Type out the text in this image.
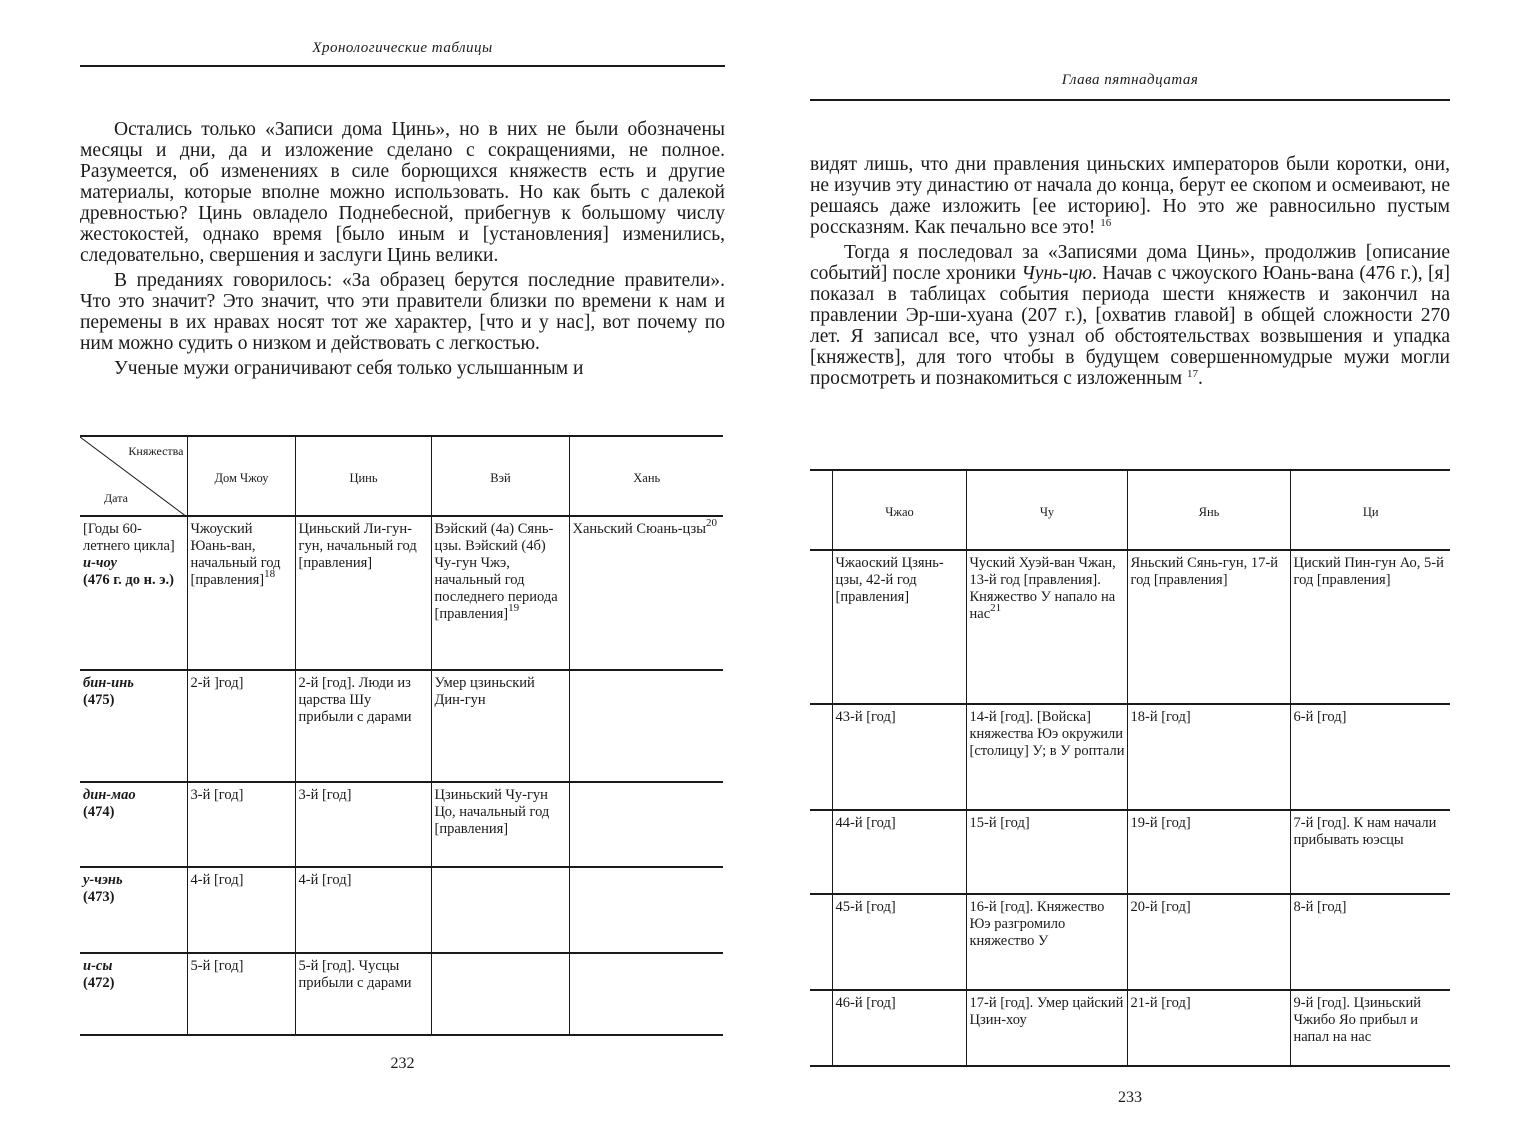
Хронологические таблицы

Остались только «Записи дома Цинь», но в них не были обозначены месяцы и дни, да и изложение сделано с сокращениями, не полное. Разумеется, об изменениях в силе борющихся княжеств есть и другие материалы, которые вполне можно использовать. Но как быть с далекой древностью? Цинь овладело Поднебесной, прибегнув к большому числу жестокостей, однако время [было иным и [установления] изменились, следовательно, свершения и заслуги Цинь велики.

В преданиях говорилось: «За образец берутся последние правители». Что это значит? Это значит, что эти правители близки по времени к нам и перемены в их нравах носят тот же характер, [что и у нас], вот почему по ним можно судить о низком и действовать с легкостью.

Ученые мужи ограничивают себя только услышанным и

Княжества
Дата	Дом Чжоу	Цинь	Вэй	Хань
[Годы 60- летнего цикла]
и-чоу
(476 г. до н. э.)	Чжоуский Юань-ван, начальный год [правления]$^{18}$	Циньский Ли-гун-гун, начальный год [правления]	Вэйский (4а) Сянь-цзы. Вэйский (4б) Чу-гун Чжэ, начальный год последнего периода [правления]$^{19}$	Ханьский Сюань-цзы$^{20}$
бин-инь
(475)	2-й ]год]	2-й [год]. Люди из царства Шу прибыли с дарами	Умер цзиньский Дин-гун	
дин-мао
(474)	3-й [год]	3-й [год]	Цзиньский Чу-гун Цо, начальный год [правления]	
у-чэнь
(473)	4-й [год]	4-й [год]		
и-сы
(472)	5-й [год]	5-й [год]. Чусцы прибыли с дарами		
232
Глава пятнадцатая

видят лишь, что дни правления циньских императоров были коротки, они, не изучив эту династию от начала до конца, берут ее скопом и осмеивают, не решаясь даже изложить [ее историю]. Но это же равносильно пустым россказням. Как печально все это! $^{16}$

Тогда я последовал за «Записями дома Цинь», продолжив [описание событий] после хроники Чунь-цю. Начав с чжоуского Юань-вана (476 г.), [я] показал в таблицах события периода шести княжеств и закончил на правлении Эр-ши-хуана (207 г.), [охватив главой] в общей сложности 270 лет. Я записал все, что узнал об обстоятельствах возвышения и упадка [княжеств], для того чтобы в будущем совершенномудрые мужи могли просмотреть и познакомиться с изложенным $^{17}$.

	Чжао	Чу	Янь	Ци
	Чжаоский Цзянь-цзы, 42-й год [правления]	Чуский Хуэй-ван Чжан, 13-й год [правления]. Княжество У напало на нас$^{21}$	Яньский Сянь-гун, 17-й год [правления]	Циский Пин-гун Ао, 5-й год [правления]
	43-й [год]	14-й [год]. [Войска] княжества Юэ окружили [столицу] У; в У роптали	18-й [год]	6-й [год]
	44-й [год]	15-й [год]	19-й [год]	7-й [год]. К нам начали прибывать юэсцы
	45-й [год]	16-й [год]. Княжество Юэ разгромило княжество У	20-й [год]	8-й [год]
	46-й [год]	17-й [год]. Умер цайский Цзин-хоу	21-й [год]	9-й [год]. Цзиньский Чжибо Яо прибыл и напал на нас
233
